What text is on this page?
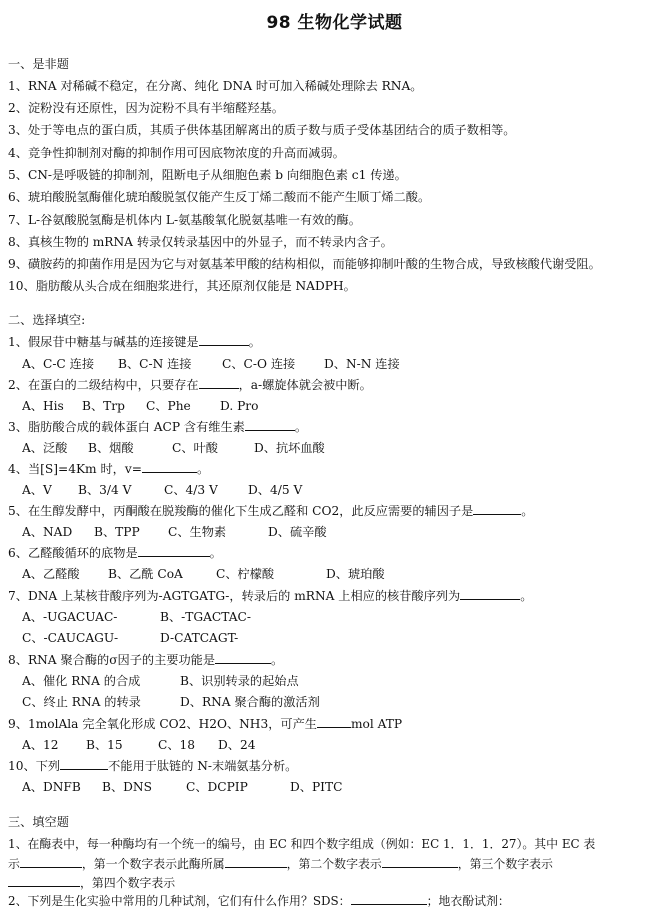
98 生物化学试题
一、是非题
1、RNA 对稀碱不稳定，在分离、纯化 DNA 时可加入稀碱处理除去 RNA。
2、淀粉没有还原性，因为淀粉不具有半缩醛羟基。
3、处于等电点的蛋白质，其质子供体基团解离出的质子数与质子受体基团结合的质子数相等。
4、竞争性抑制剂对酶的抑制作用可因底物浓度的升高而减弱。
5、CN-是呼吸链的抑制剂，阻断电子从细胞色素 b 向细胞色素 c1 传递。
6、琥珀酸脱氢酶催化琥珀酸脱氢仅能产生反丁烯二酸而不能产生顺丁烯二酸。
7、L-谷氨酸脱氢酶是机体内 L-氨基酸氧化脱氨基唯一有效的酶。
8、真核生物的 mRNA 转录仅转录基因中的外显子，而不转录内含子。
9、磺胺药的抑菌作用是因为它与对氨基苯甲酸的结构相似，而能够抑制叶酸的生物合成，导致核酸代谢受阻。
10、脂肪酸从头合成在细胞浆进行，其还原剂仅能是 NADPH。
二、选择填空:
1、假尿苷中糖基与碱基的连接键是	。
A、C-C 连接 B、C-N 连接	C、C-O 连接 D、N-N 连接
2、在蛋白的二级结构中，只要存在	，a-螺旋体就会被中断。
A、His B、Trp C、Phe D. Pro
3、脂肪酸合成的载体蛋白 ACP 含有维生素	。
A、泛酸 B、烟酸	C、叶酸	D、抗坏血酸
4、当[S]=4Km 时，v=	。
A、V B、3/4 V	C、4/3 V D、4/5 V
5、在生醇发酵中，丙酮酸在脱羧酶的催化下生成乙醛和 CO2，此反应需要的辅因子是	。
A、NAD B、TPP C、生物素	D、硫辛酸
6、乙醛酸循环的底物是	。
A、乙醛酸 B、乙酰 CoA	C、柠檬酸	D、琥珀酸
7、DNA 上某核苷酸序列为-AGTGATG-，转录后的 mRNA 上相应的核苷酸序列为	。
A、-UGACUAC-	B、-TGACTAC-
C、-CAUCAGU-	D-CATCAGT-
8、RNA 聚合酶的σ因子的主要功能是	。
A、催化 RNA 的合成	B、识别转录的起始点
C、终止 RNA 的转录	D、RNA 聚合酶的激活剂
9、1molAla 完全氧化形成 CO2、H2O、NH3，可产生	mol ATP
A、12 B、15	C、18 D、24
10、下列	不能用于肽链的 N-末端氨基分析。
A、DNFB B、DNS	C、DCPIP	D、PITC
三、填空题
1、在酶表中，每一种酶均有一个统一的编号，由 EC 和四个数字组成（例如：EC 1．1．1．27）。其中 EC 表
示	，第一个数字表示此酶所属	，第二个数字表示	，第三个数字表示
，第四个数字表示
2、下列是生化实验中常用的几种试剂，它们有什么作用？SDS：	；地衣酚试剂：
